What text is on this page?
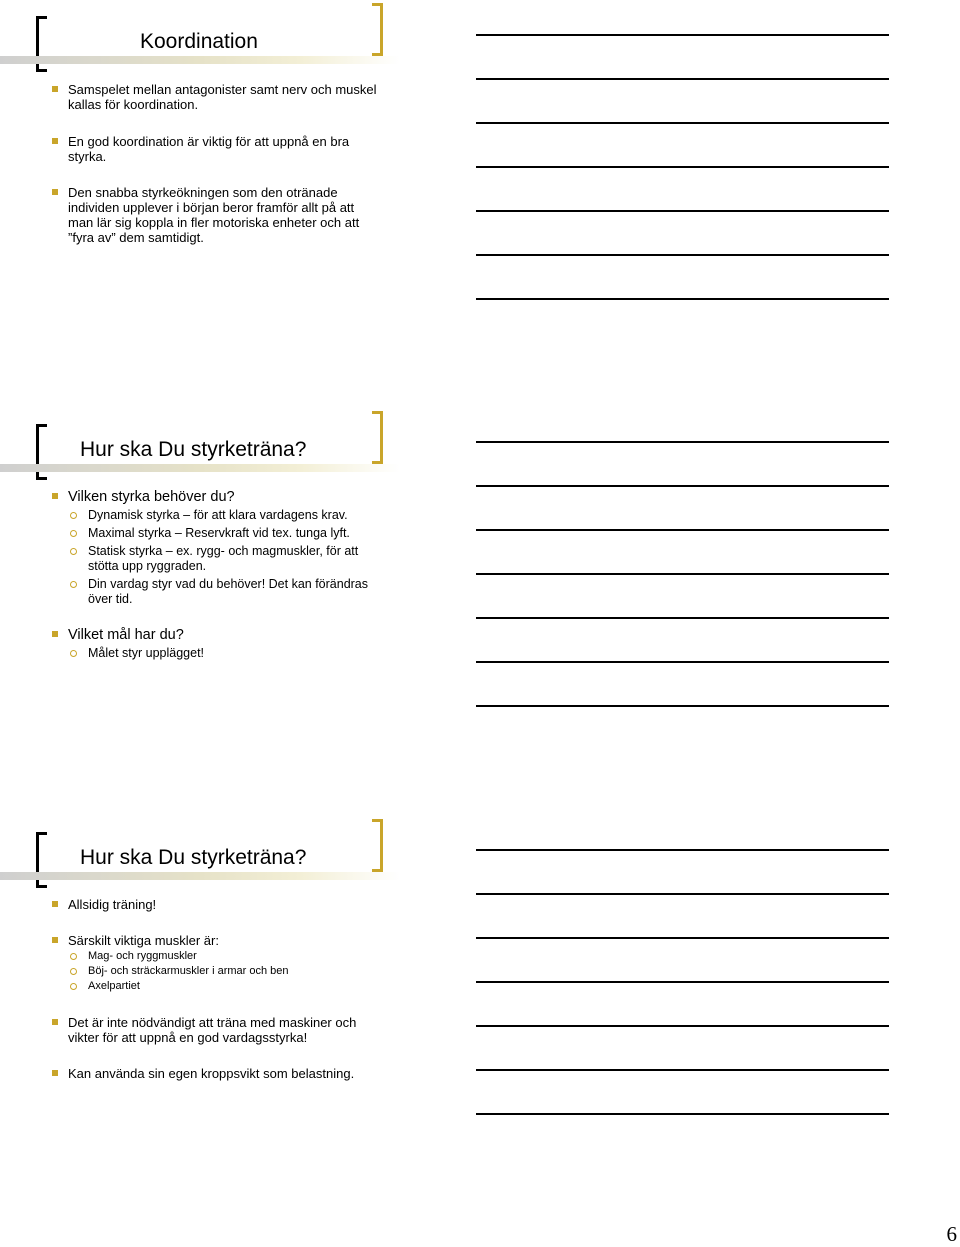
Koordination
Samspelet mellan antagonister samt nerv och muskel kallas för koordination.
En god koordination är viktig för att uppnå en bra styrka.
Den snabba styrkeökningen som den otränade individen upplever i början beror framför allt på att man lär sig koppla in fler motoriska enheter och att ”fyra av” dem samtidigt.
Hur ska Du styrketräna?
Vilken styrka behöver du?
Dynamisk styrka – för att klara vardagens krav.
Maximal styrka – Reservkraft vid tex. tunga lyft.
Statisk styrka – ex. rygg- och magmuskler, för att stötta upp ryggraden.
Din vardag styr vad du behöver! Det kan förändras över tid.
Vilket mål har du?
Målet styr upplägget!
Hur ska Du styrketräna?
Allsidig träning!
Särskilt viktiga muskler är:
Mag- och ryggmuskler
Böj- och sträckarmuskler i armar och ben
Axelpartiet
Det är inte nödvändigt att träna med maskiner och vikter för att uppnå en god vardagsstyrka!
Kan använda sin egen kroppsvikt som belastning.
6
